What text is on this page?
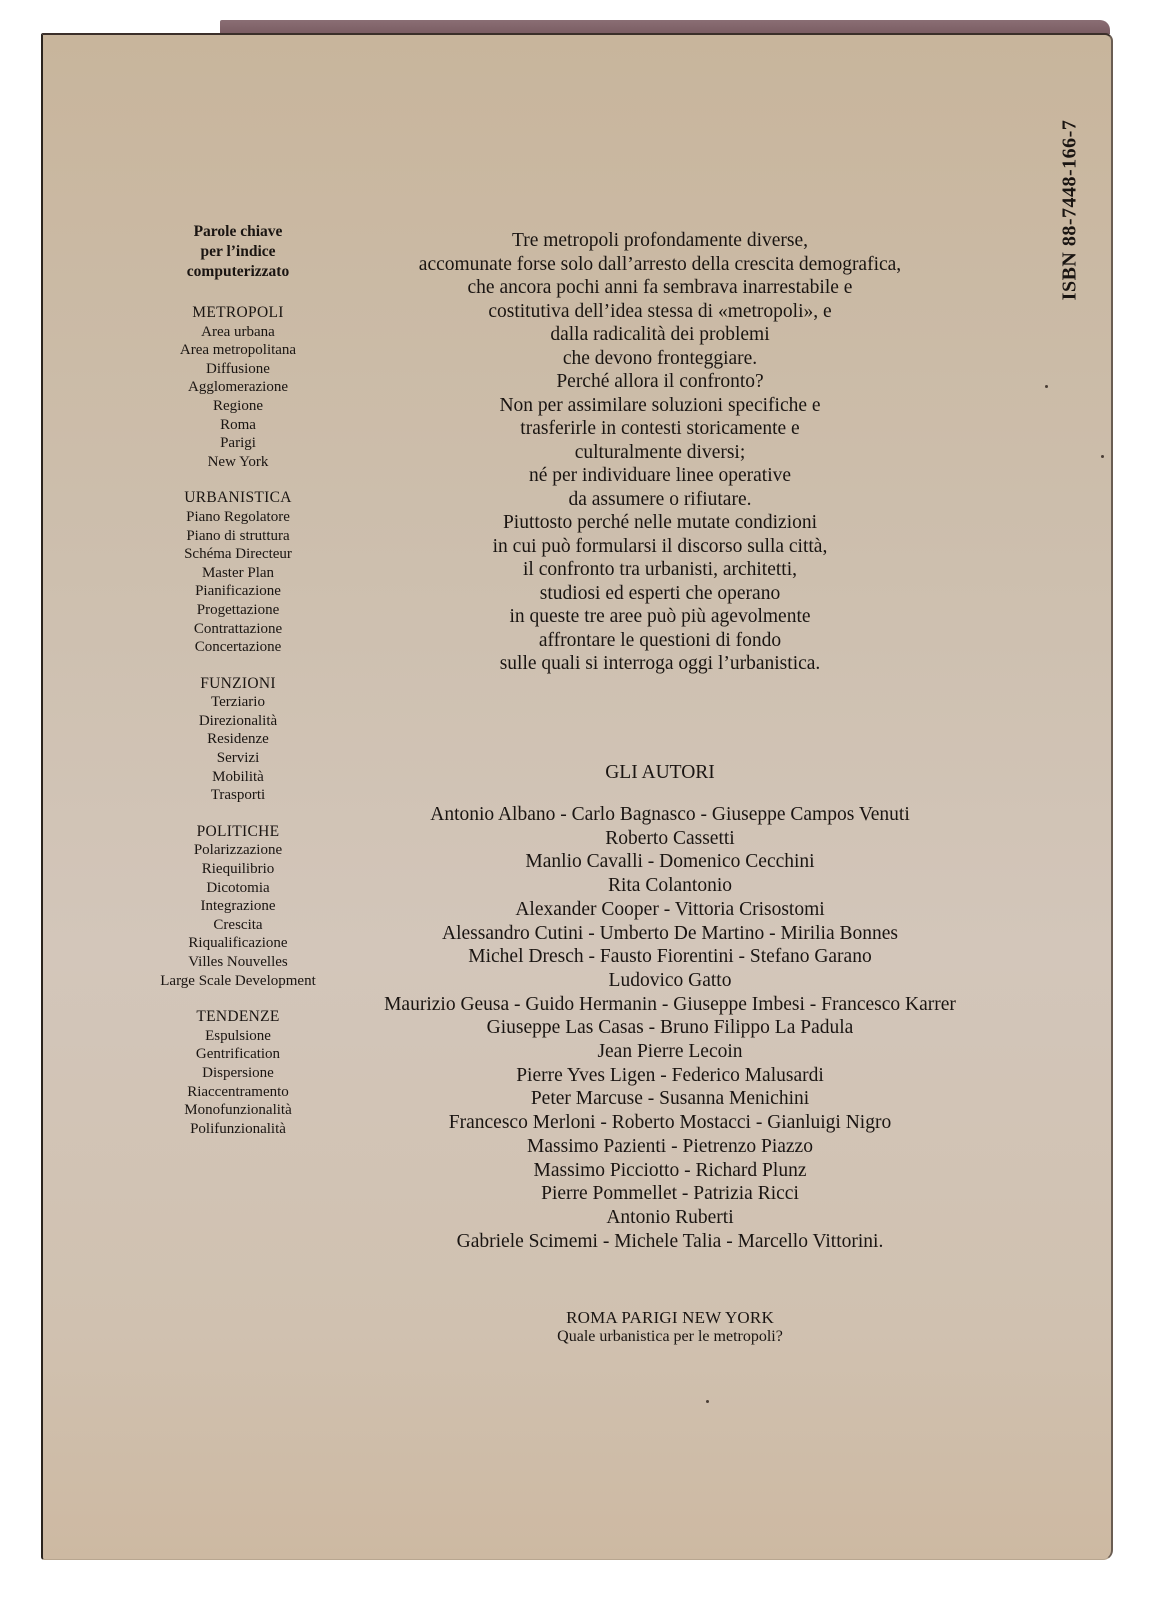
Parole chiave
per l’indice
computerizzato
METROPOLI
Area urbana
Area metropolitana
Diffusione
Agglomerazione
Regione
Roma
Parigi
New York
URBANISTICA
Piano Regolatore
Piano di struttura
Schéma Directeur
Master Plan
Pianificazione
Progettazione
Contrattazione
Concertazione
FUNZIONI
Terziario
Direzionalità
Residenze
Servizi
Mobilità
Trasporti
POLITICHE
Polarizzazione
Riequilibrio
Dicotomia
Integrazione
Crescita
Riqualificazione
Villes Nouvelles
Large Scale Development
TENDENZE
Espulsione
Gentrification
Dispersione
Riaccentramento
Monofunzionalità
Polifunzionalità
Tre metropoli profondamente diverse,
accomunate forse solo dall’arresto della crescita demografica,
che ancora pochi anni fa sembrava inarrestabile e
costitutiva dell’idea stessa di «metropoli», e
dalla radicalità dei problemi
che devono fronteggiare.
Perché allora il confronto?
Non per assimilare soluzioni specifiche e
trasferirle in contesti storicamente e
culturalmente diversi;
né per individuare linee operative
da assumere o rifiutare.
Piuttosto perché nelle mutate condizioni
in cui può formularsi il discorso sulla città,
il confronto tra urbanisti, architetti,
studiosi ed esperti che operano
in queste tre aree può più agevolmente
affrontare le questioni di fondo
sulle quali si interroga oggi l’urbanistica.
GLI AUTORI
Antonio Albano - Carlo Bagnasco - Giuseppe Campos Venuti
Roberto Cassetti
Manlio Cavalli - Domenico Cecchini
Rita Colantonio
Alexander Cooper - Vittoria Crisostomi
Alessandro Cutini - Umberto De Martino - Mirilia Bonnes
Michel Dresch - Fausto Fiorentini - Stefano Garano
Ludovico Gatto
Maurizio Geusa - Guido Hermanin - Giuseppe Imbesi - Francesco Karrer
Giuseppe Las Casas - Bruno Filippo La Padula
Jean Pierre Lecoin
Pierre Yves Ligen - Federico Malusardi
Peter Marcuse - Susanna Menichini
Francesco Merloni - Roberto Mostacci - Gianluigi Nigro
Massimo Pazienti - Pietrenzo Piazzo
Massimo Picciotto - Richard Plunz
Pierre Pommellet - Patrizia Ricci
Antonio Ruberti
Gabriele Scimemi - Michele Talia - Marcello Vittorini.
ROMA PARIGI NEW YORK
Quale urbanistica per le metropoli?
ISBN 88-7448-166-7
